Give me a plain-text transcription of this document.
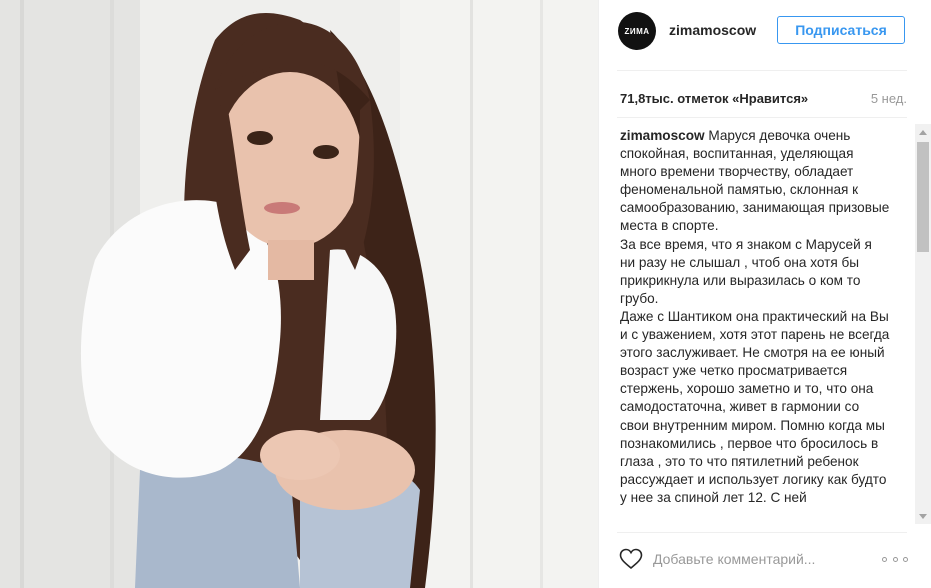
ZИМА	zimamoscow	Подписаться
71,8тыс. отметок «Нравится»	5 нед.
zimamoscow Маруся девочка очень спокойная, воспитанная, уделяющая много времени творчеству, обладает феноменальной памятью, склонная к самообразованию, занимающая призовые места в спорте.
За все время, что я знаком с Марусей я ни разу не слышал , чтоб она хотя бы прикрикнула или выразилась о ком то грубо.
Даже с Шантиком она практический на Вы и с уважением, хотя этот парень не всегда этого заслуживает. Не смотря на ее юный возраст уже четко просматривается стержень, хорошо заметно и то, что она самодостаточна, живет в гармонии со свои внутренним миром. Помню когда мы познакомились , первое что бросилось в глаза , это то что пятилетний ребенок рассуждает и использует логику как будто у нее за спиной лет 12. С ней
Добавьте комментарий...
